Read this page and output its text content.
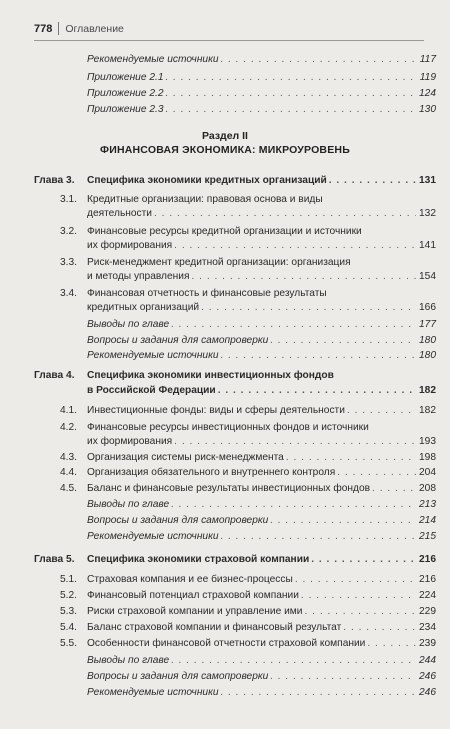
778 Оглавление
Рекомендуемые источники . . .	117
Приложение 2.1 . . .	119
Приложение 2.2 . . .	124
Приложение 2.3 . . .	130
Раздел II
ФИНАНСОВАЯ ЭКОНОМИКА: МИКРОУРОВЕНЬ
Глава 3. Специфика экономики кредитных организаций . . .	131
3.1. Кредитные организации: правовая основа и виды
деятельности . . .	132
3.2. Финансовые ресурсы кредитной организации и источники
их формирования . . .	141
3.3. Риск-менеджмент кредитной организации: организация
и методы управления . . .	154
3.4. Финансовая отчетность и финансовые результаты
кредитных организаций . . .	166
Выводы по главе . . .	177
Вопросы и задания для самопроверки . . .	180
Рекомендуемые источники . . .	180
Глава 4. Специфика экономики инвестиционных фондов
в Российской Федерации . . .	182
4.1. Инвестиционные фонды: виды и сферы деятельности . . .	182
4.2. Финансовые ресурсы инвестиционных фондов и источники
их формирования . . .	193
4.3. Организация системы риск-менеджмента . . .	198
4.4. Организация обязательного и внутреннего контроля . . .	204
4.5. Баланс и финансовые результаты инвестиционных фондов . . .	208
Выводы по главе . . .	213
Вопросы и задания для самопроверки . . .	214
Рекомендуемые источники . . .	215
Глава 5. Специфика экономики страховой компании . . .	216
5.1. Страховая компания и ее бизнес-процессы . . .	216
5.2. Финансовый потенциал страховой компании . . .	224
5.3. Риски страховой компании и управление ими . . .	229
5.4. Баланс страховой компании и финансовый результат . . .	234
5.5. Особенности финансовой отчетности страховой компании . . .	239
Выводы по главе . . .	244
Вопросы и задания для самопроверки . . .	246
Рекомендуемые источники . . .	246
